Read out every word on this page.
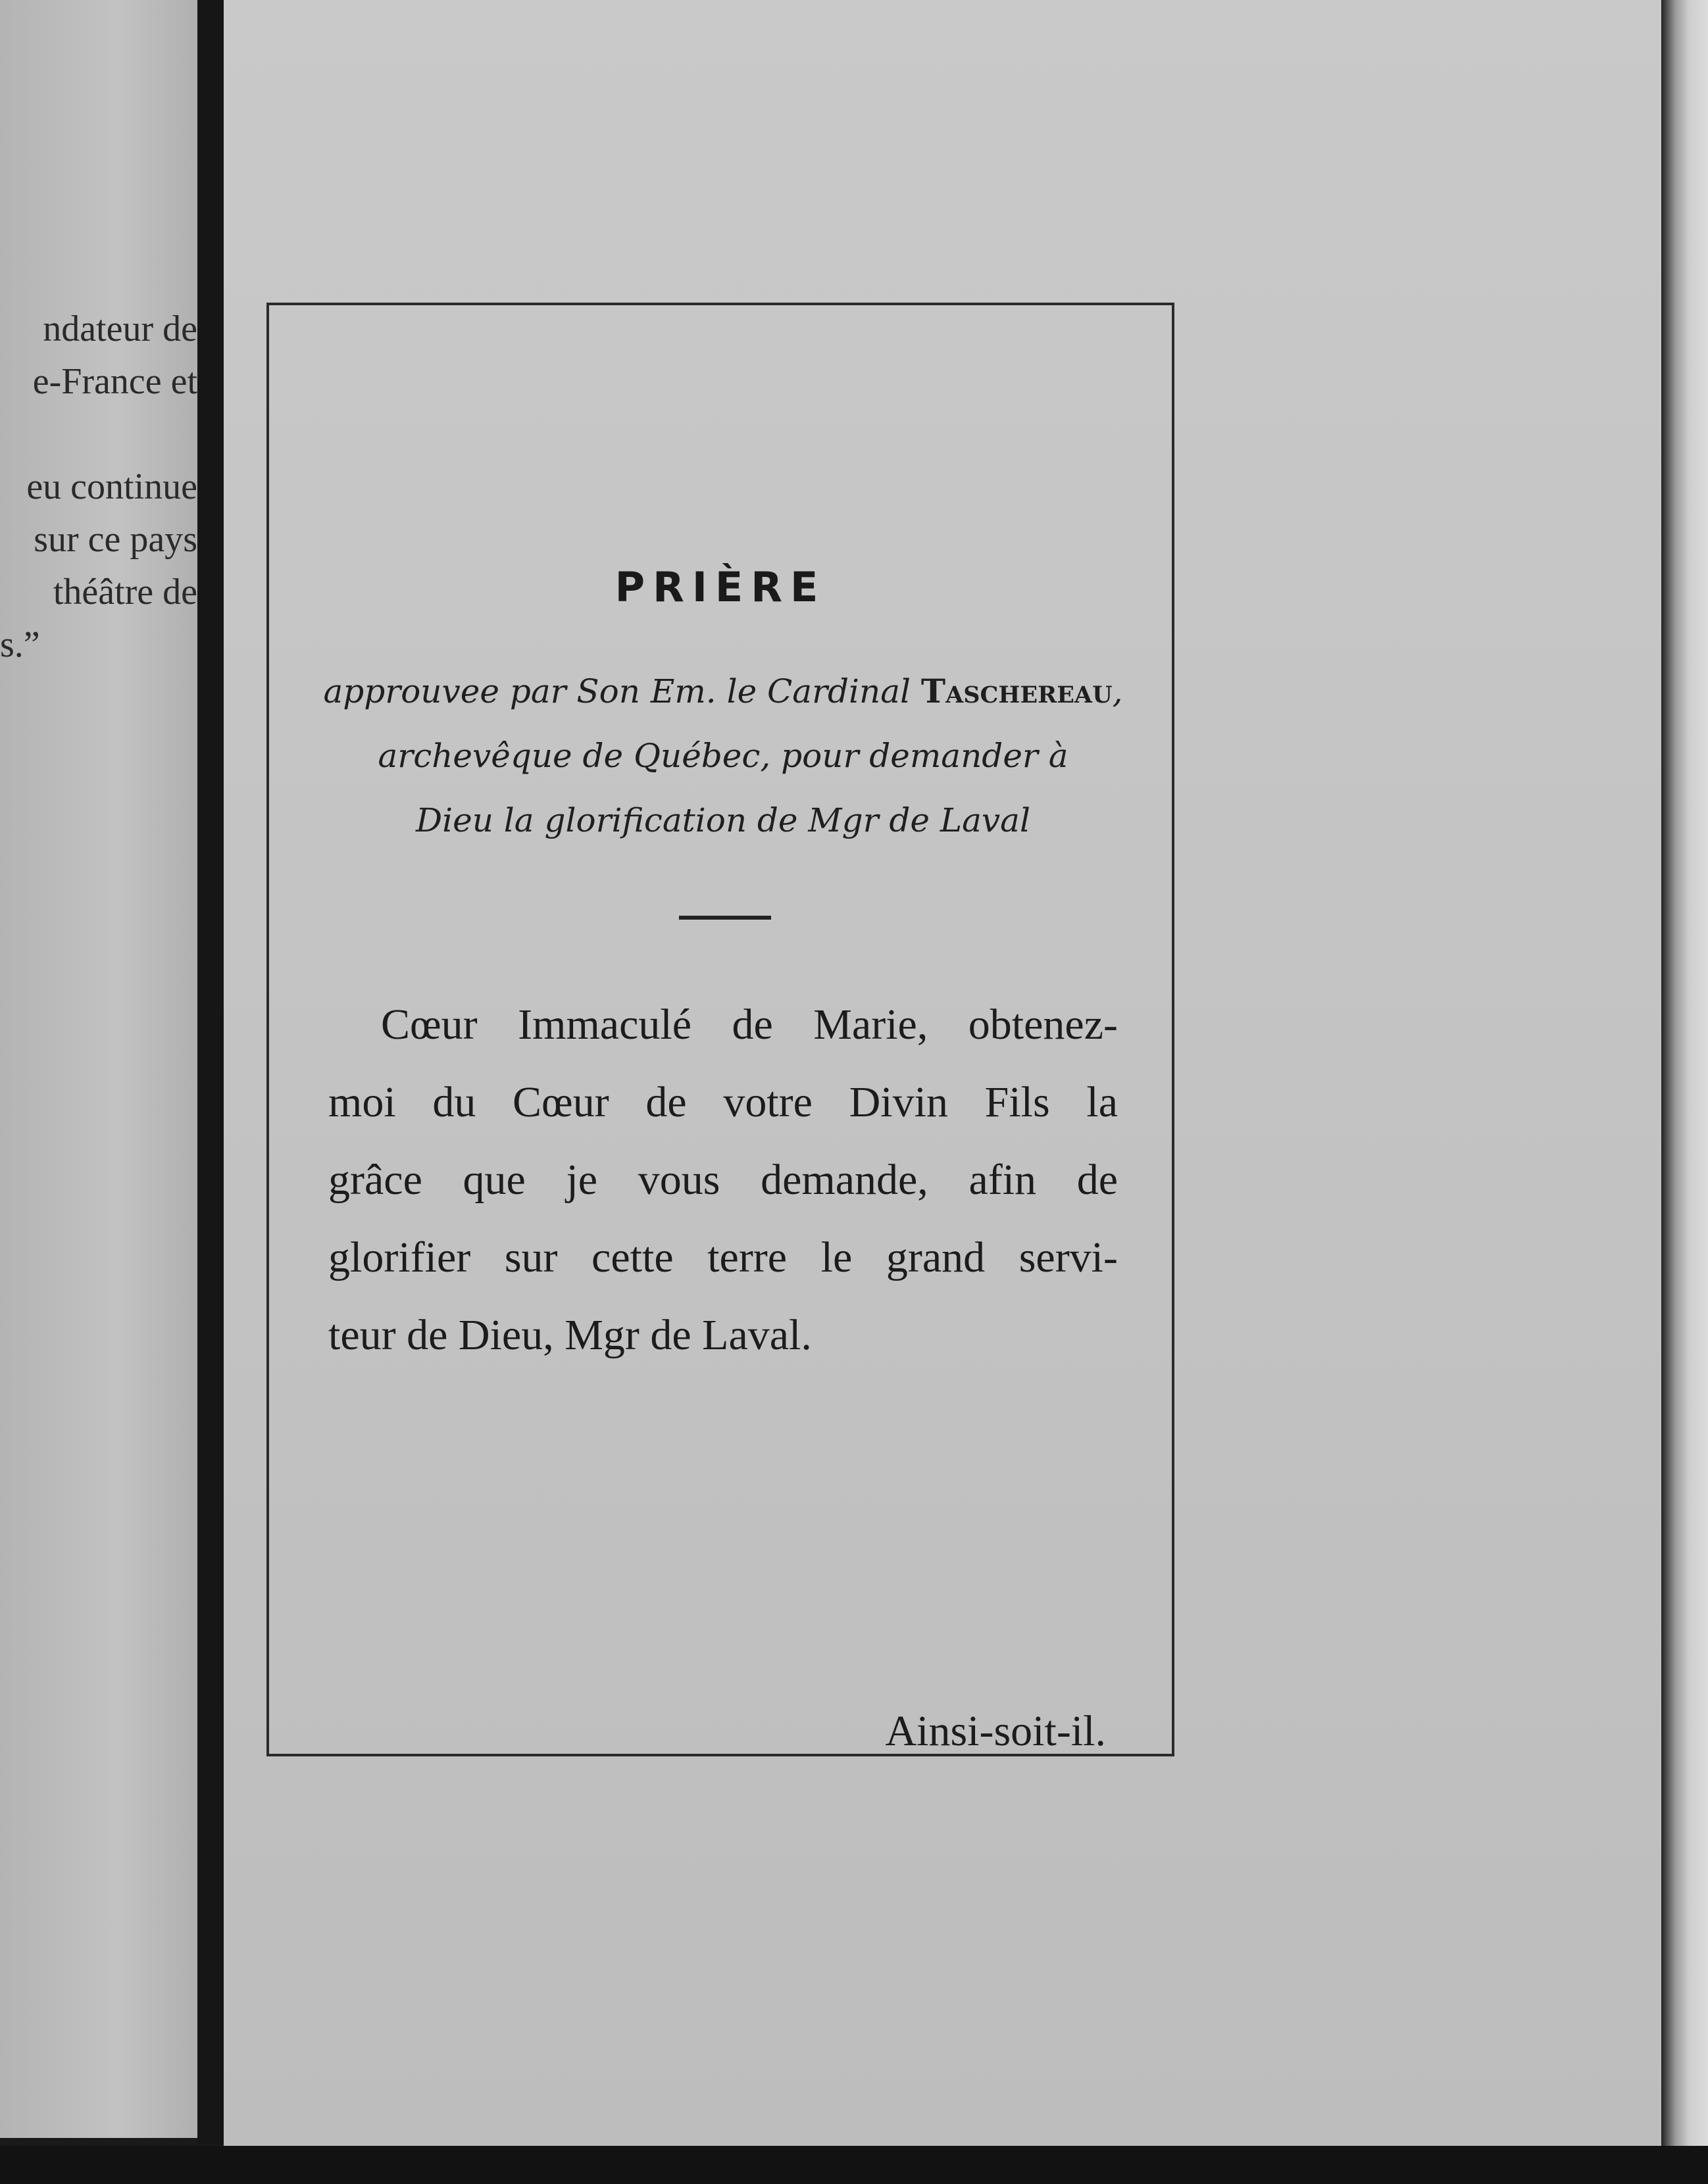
ndateur de
e-France et
eu continue
sur ce pays
théâtre de
s.”
PRIÈRE
approuvee par Son Em. le Cardinal Taschereau,
archevêque de Québec, pour demander à
Dieu la glorification de Mgr de Laval
Cœur Immaculé de Marie, obtenez-
moi du Cœur de votre Divin Fils la
grâce que je vous demande, afin de
glorifier sur cette terre le grand servi-
teur de Dieu, Mgr de Laval.
Ainsi-soit-il.
